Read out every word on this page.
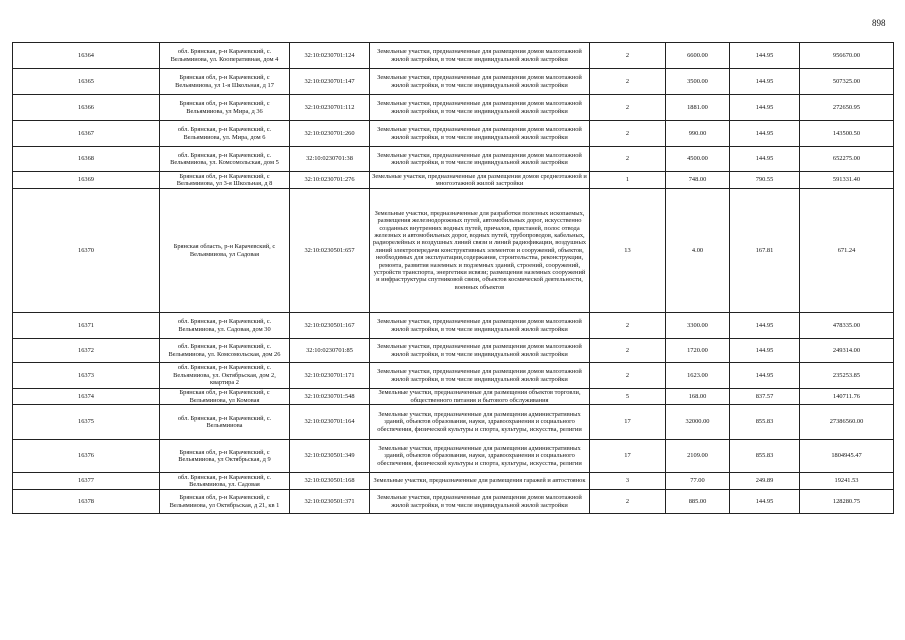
898
16364	обл. Брянская, р-н Карачевский, с. Вельямииова, ул. Кооперативная, дом 4	32:10:0230701:124	Земельные участки, предназначенные для размещения домов малоэтажной жилой застройки, в том числе индивидуальной жилой застройки	2	6600.00	144.95	956670.00
16365	Брянская обл, р-н Карачевский, с Вельямииова, ул 1-я Школьная, д 17	32:10:0230701:147	Земельные участки, предназначенные для размещения домов малоэтажной жилой застройки, в том числе индивидуальной жилой застройки	2	3500.00	144.95	507325.00
16366	Брянская обл, р-н Карачевский, с Вельямииова, ул Мира, д 36	32:10:0230701:112	Земельные участки, предназначенные для размещения домов малоэтажной жилой застройки, в том числе индивидуальной жилой застройки	2	1881.00	144.95	272650.95
16367	обл. Брянская, р-н Карачевский, с. Вельямииова, ул. Мира, дом 6	32:10:0230701:260	Земельные участки, предназначенные для размещения домов малоэтажной жилой застройки, в том числе индивидуальной жилой застройки	2	990.00	144.95	143500.50
16368	обл. Брянская, р-н Карачевский, с. Вельямииова, ул. Комсомольская, дом 5	32:10:0230701:38	Земельные участки, предназначенные для размещения домов малоэтажной жилой застройки, в том числе индивидуальной жилой застройки	2	4500.00	144.95	652275.00
16369	Брянская обл, р-н Карачевский, с Вельямииова, ул 3-я Школьная, д 8	32:10:0230701:276	Земельные участки, предназначенные для размещения домов среднеэтажной и многоэтажной жилой застройки	1	748.00	790.55	591331.40
16370	Брянская область, р-н Карачевский, с Вельямииова, ул Садовая	32:10:0230501:657	Земельные участки, предназначенные для разработки полезных ископаемых, размещения железнодорожных путей, автомобильных дорог, искусственно созданных внутренних водных путей, причалов, пристаней, полос отвода железных и автомобильных дорог, водных путей, трубопроводов, кабельных, радиорелейных и воздушных линий связи и линий радиофикации, воздушных линий электропередачи конструктивных элементов и сооружений, объектов, необходимых для эксплуатации,содержания, строительства, реконструкции, ремонта, развития наземных и подземных зданий, строений, сооружений, устройств транспорта, энергетики исвязи; размещения наземных сооружений и инфраструктуры спутниковой связи, объектов космической деятельности, военных объектов	13	4.00	167.81	671.24
16371	обл. Брянская, р-н Карачевский, с. Вельямииова, ул. Садовая, дом 30	32:10:0230501:167	Земельные участки, предназначенные для размещения домов малоэтажной жилой застройки, в том числе индивидуальной жилой застройки	2	3300.00	144.95	478335.00
16372	обл. Брянская, р-н Карачевский, с. Вельямииова, ул. Комсомольская, дом 26	32:10:0230701:85	Земельные участки, предназначенные для размещения домов малоэтажной жилой застройки, в том числе индивидуальной жилой застройки	2	1720.00	144.95	249314.00
16373	обл. Брянская, р-н Карачевский, с. Вельямииова, ул. Октябрьская, дом 2, квартира 2	32:10:0230701:171	Земельные участки, предназначенные для размещения домов малоэтажной жилой застройки, в том числе индивидуальной жилой застройки	2	1623.00	144.95	235253.85
16374	Брянская обл, р-н Карачевский, с Вельямииова, ул Комовая	32:10:0230701:548	Земельные участки, предназначенные для размещения объектов торговли, общественного питания и бытового обслуживания	5	168.00	837.57	140711.76
16375	обл. Брянская, р-н Карачевский, с. Вельямииова	32:10:0230701:164	Земельные участки, предназначенные для размещения административных зданий, объектов образования, науки, здравоохранения и социального обеспечения, физической культуры и спорта, культуры, искусства, религии	17	32000.00	855.83	27386560.00
16376	Брянская обл, р-н Карачевский, с Вельямииова, ул Октябрьская, д 9	32:10:0230501:349	Земельные участки, предназначенные для размещения административных зданий, объектов образования, науки, здравоохранения и социального обеспечения, физической культуры и спорта, культуры, искусства, религии	17	2109.00	855.83	1804945.47
16377	обл. Брянская, р-н Карачевский, с. Вельямииова, ул. Садовая	32:10:0230501:168	Земельные участки, предназначенные для размещения гаражей и автостоянок	3	77.00	249.89	19241.53
16378	Брянская обл, р-н Карачевский, с Вельямииова, ул Октябрьская, д 21, кв 1	32:10:0230501:371	Земельные участки, предназначенные для размещения домов малоэтажной жилой застройки, в том числе индивидуальной жилой застройки	2	885.00	144.95	128280.75
